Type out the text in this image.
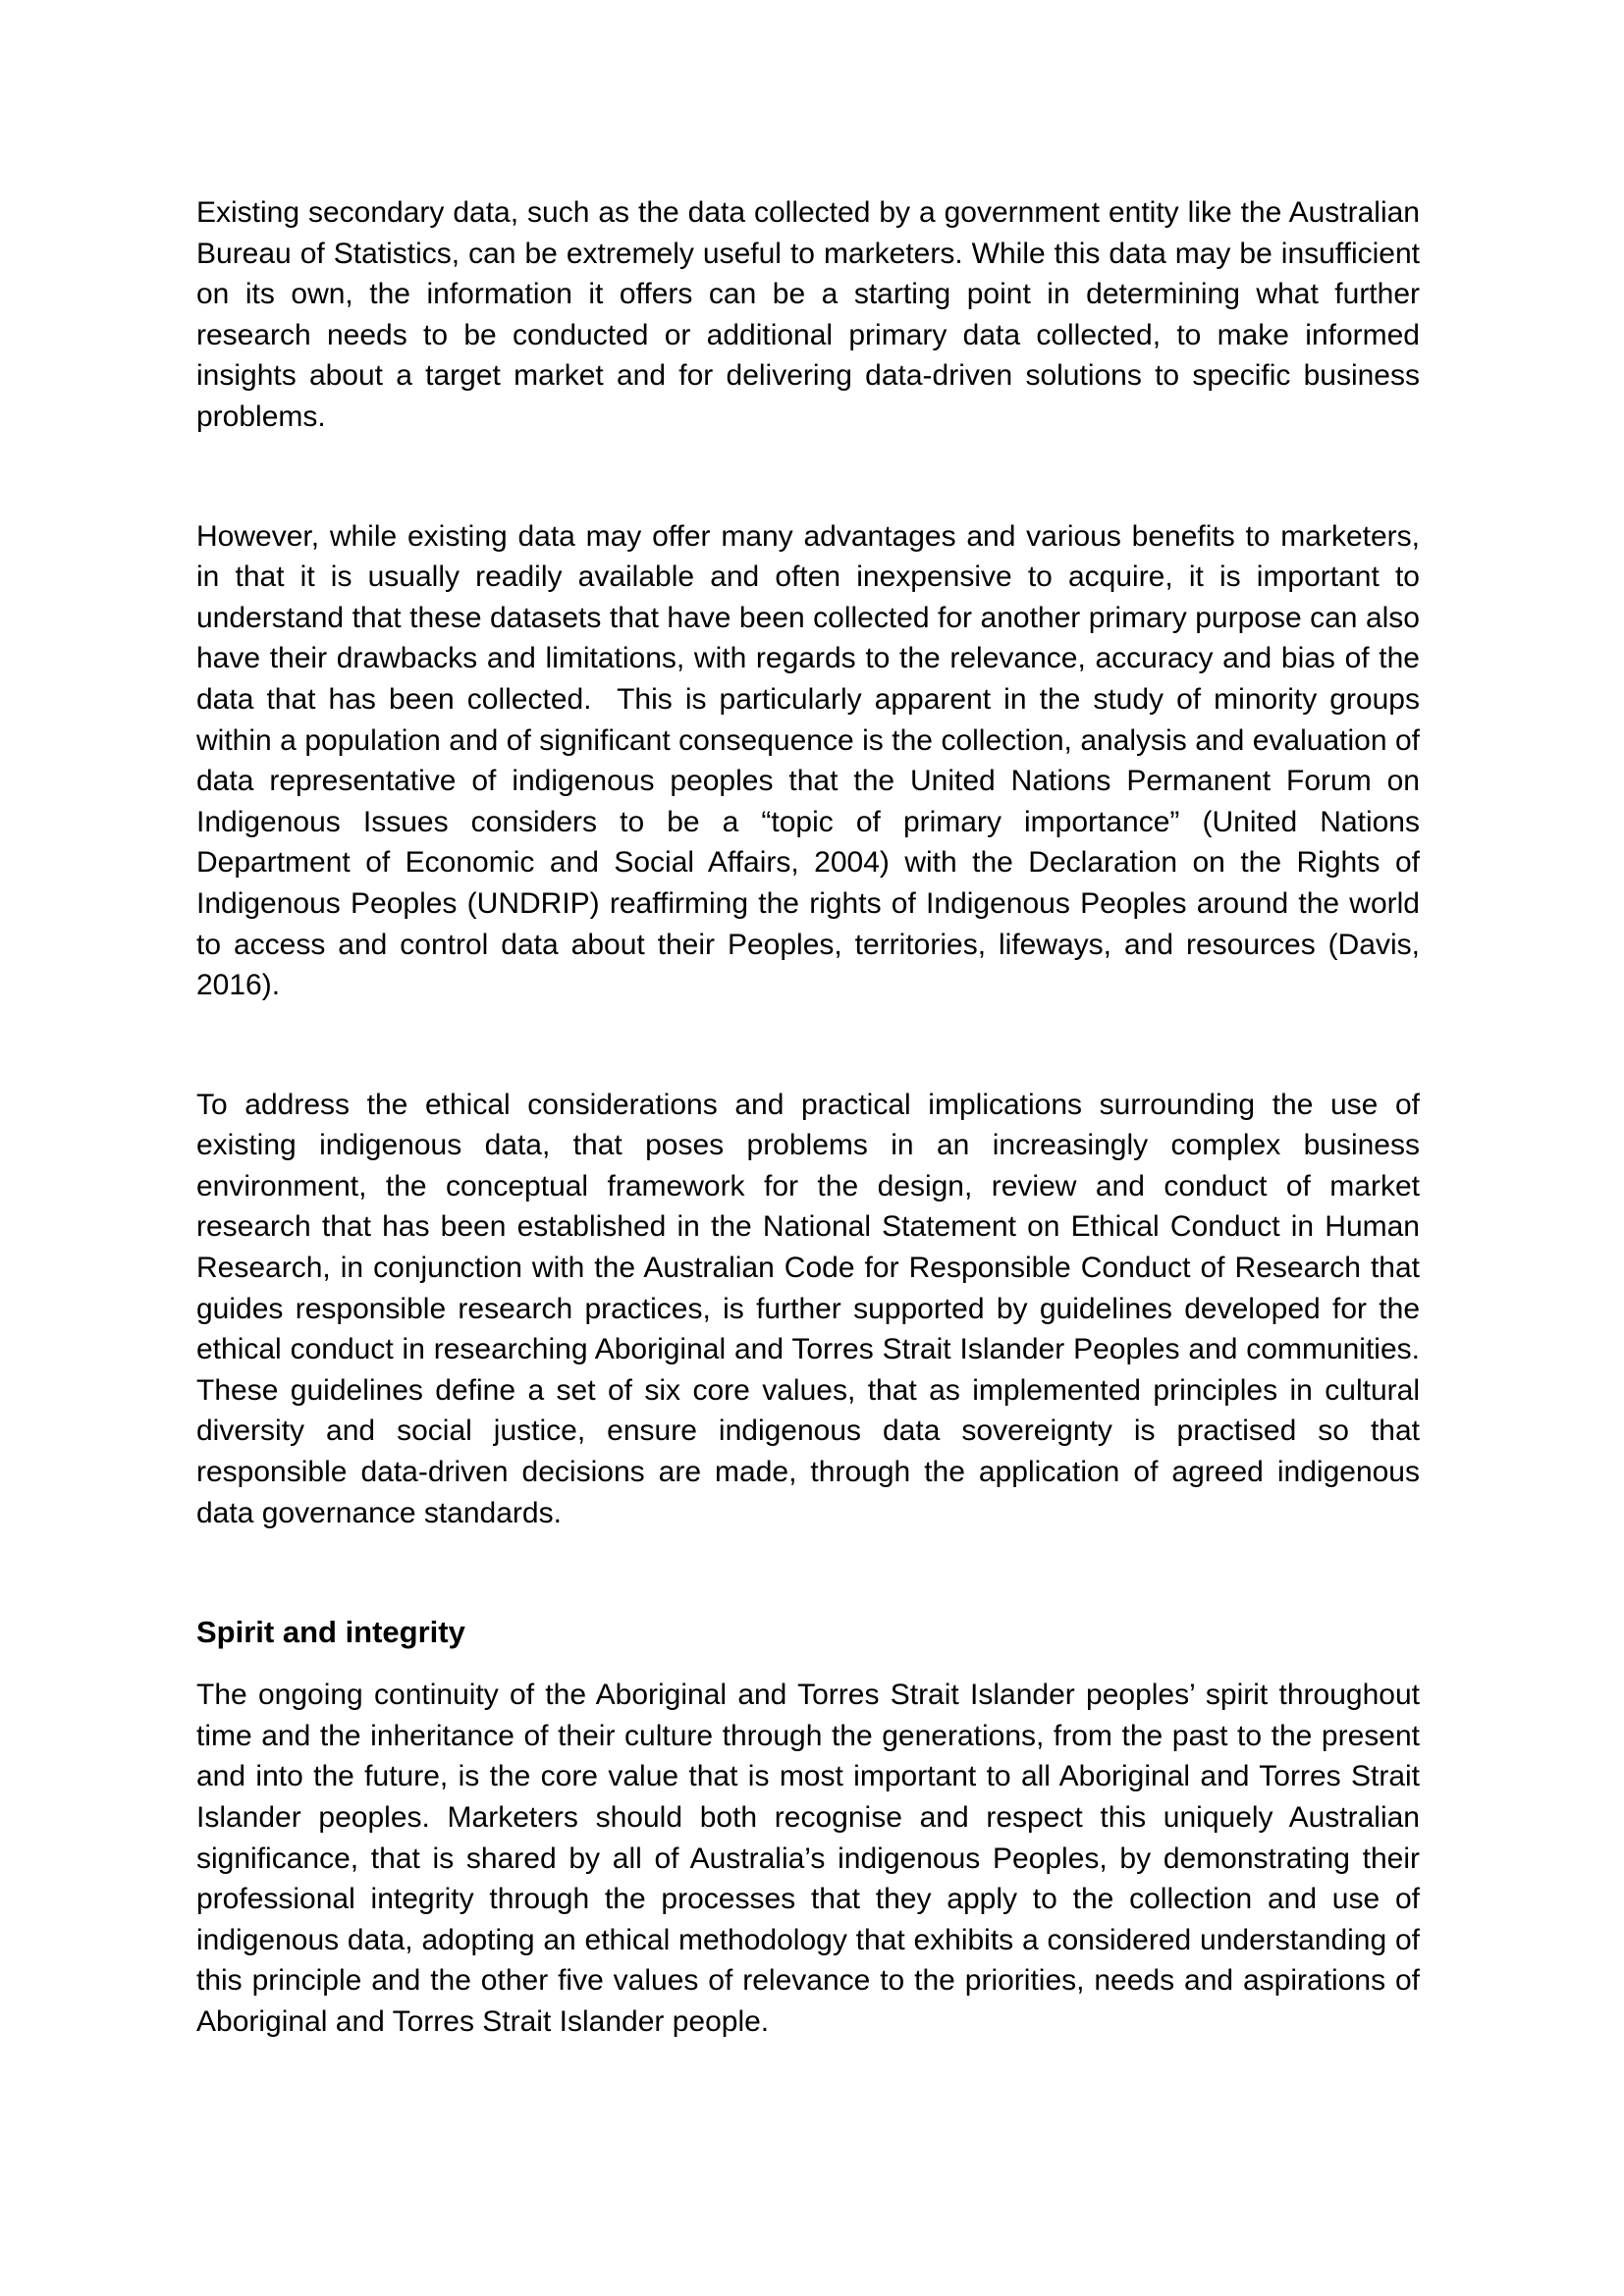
Existing secondary data, such as the data collected by a government entity like the Australian Bureau of Statistics, can be extremely useful to marketers. While this data may be insufficient on its own, the information it offers can be a starting point in determining what further research needs to be conducted or additional primary data collected, to make informed insights about a target market and for delivering data-driven solutions to specific business problems.

However, while existing data may offer many advantages and various benefits to marketers, in that it is usually readily available and often inexpensive to acquire, it is important to understand that these datasets that have been collected for another primary purpose can also have their drawbacks and limitations, with regards to the relevance, accuracy and bias of the data that has been collected.  This is particularly apparent in the study of minority groups within a population and of significant consequence is the collection, analysis and evaluation of data representative of indigenous peoples that the United Nations Permanent Forum on Indigenous Issues considers to be a “topic of primary importance” (United Nations Department of Economic and Social Affairs, 2004) with the Declaration on the Rights of Indigenous Peoples (UNDRIP) reaffirming the rights of Indigenous Peoples around the world to access and control data about their Peoples, territories, lifeways, and resources (Davis, 2016).

To address the ethical considerations and practical implications surrounding the use of existing indigenous data, that poses problems in an increasingly complex business environment, the conceptual framework for the design, review and conduct of market research that has been established in the National Statement on Ethical Conduct in Human Research, in conjunction with the Australian Code for Responsible Conduct of Research that guides responsible research practices, is further supported by guidelines developed for the ethical conduct in researching Aboriginal and Torres Strait Islander Peoples and communities. These guidelines define a set of six core values, that as implemented principles in cultural diversity and social justice, ensure indigenous data sovereignty is practised so that responsible data-driven decisions are made, through the application of agreed indigenous data governance standards.

Spirit and integrity

The ongoing continuity of the Aboriginal and Torres Strait Islander peoples’ spirit throughout time and the inheritance of their culture through the generations, from the past to the present and into the future, is the core value that is most important to all Aboriginal and Torres Strait Islander peoples. Marketers should both recognise and respect this uniquely Australian significance, that is shared by all of Australia’s indigenous Peoples, by demonstrating their professional integrity through the processes that they apply to the collection and use of indigenous data, adopting an ethical methodology that exhibits a considered understanding of this principle and the other five values of relevance to the priorities, needs and aspirations of Aboriginal and Torres Strait Islander people.
